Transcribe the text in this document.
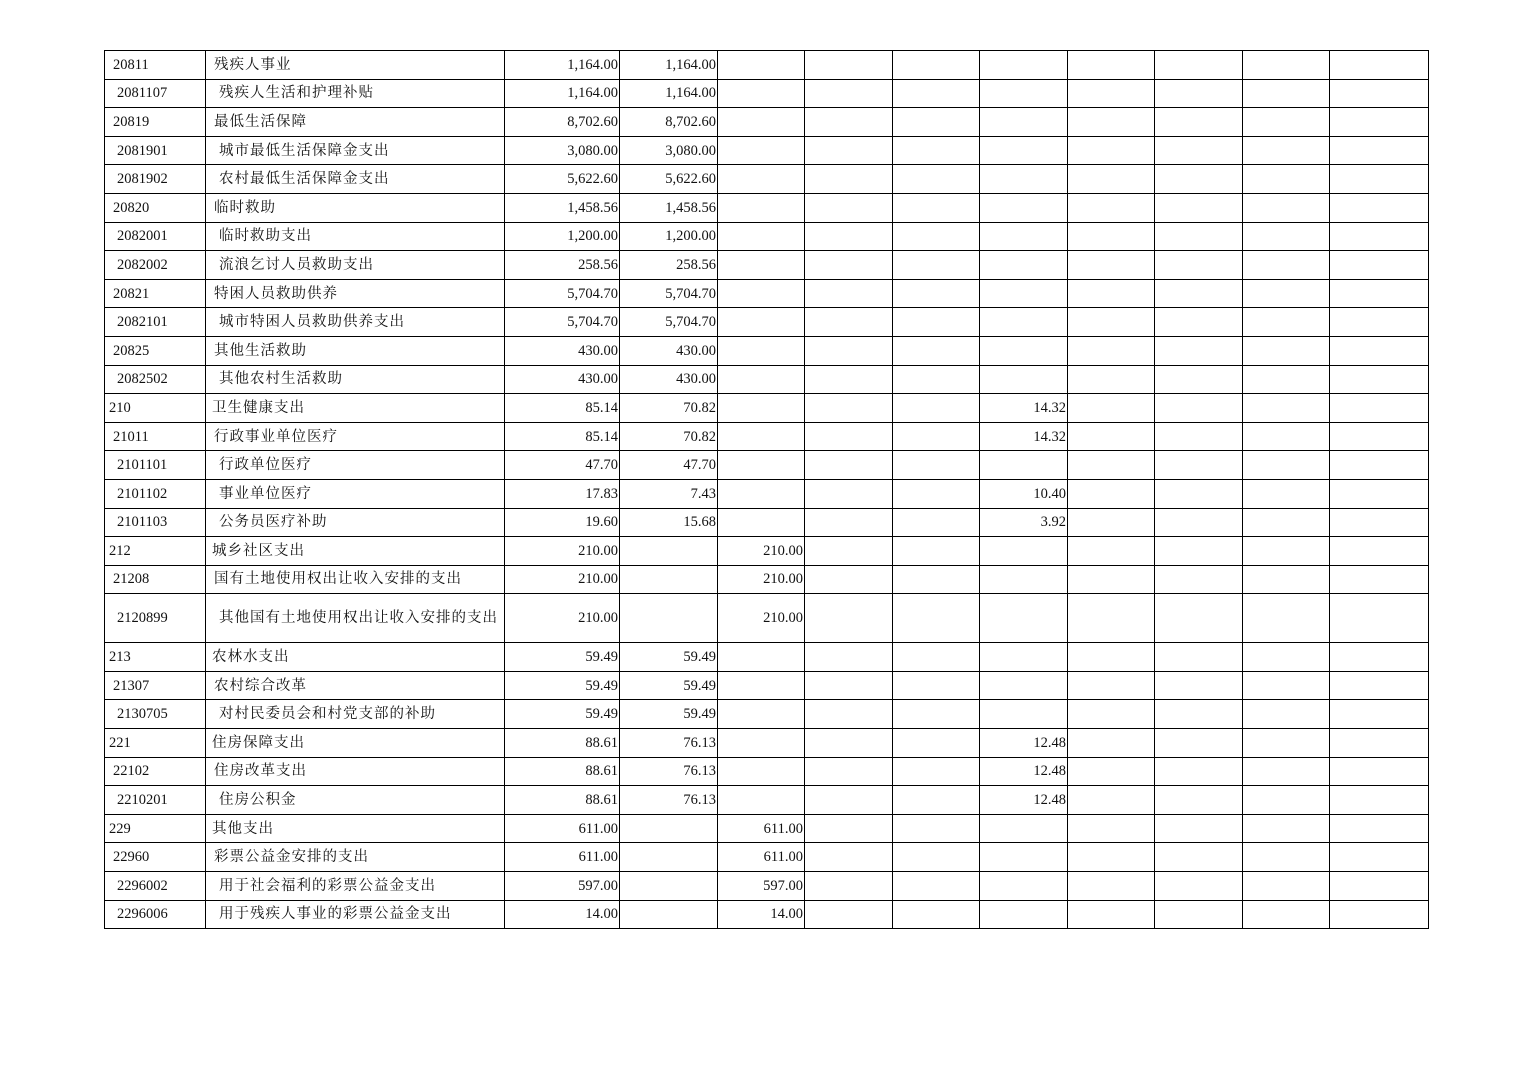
20811	残疾人事业	1,164.00	1,164.00								
2081107	残疾人生活和护理补贴	1,164.00	1,164.00								
20819	最低生活保障	8,702.60	8,702.60								
2081901	城市最低生活保障金支出	3,080.00	3,080.00								
2081902	农村最低生活保障金支出	5,622.60	5,622.60								
20820	临时救助	1,458.56	1,458.56								
2082001	临时救助支出	1,200.00	1,200.00								
2082002	流浪乞讨人员救助支出	258.56	258.56								
20821	特困人员救助供养	5,704.70	5,704.70								
2082101	城市特困人员救助供养支出	5,704.70	5,704.70								
20825	其他生活救助	430.00	430.00								
2082502	其他农村生活救助	430.00	430.00								
210	卫生健康支出	85.14	70.82				14.32				
21011	行政事业单位医疗	85.14	70.82				14.32				
2101101	行政单位医疗	47.70	47.70								
2101102	事业单位医疗	17.83	7.43				10.40				
2101103	公务员医疗补助	19.60	15.68				3.92				
212	城乡社区支出	210.00		210.00							
21208	国有土地使用权出让收入安排的支出	210.00		210.00							
2120899	其他国有土地使用权出让收入安排的支出	210.00		210.00							
213	农林水支出	59.49	59.49								
21307	农村综合改革	59.49	59.49								
2130705	对村民委员会和村党支部的补助	59.49	59.49								
221	住房保障支出	88.61	76.13				12.48				
22102	住房改革支出	88.61	76.13				12.48				
2210201	住房公积金	88.61	76.13				12.48				
229	其他支出	611.00		611.00							
22960	彩票公益金安排的支出	611.00		611.00							
2296002	用于社会福利的彩票公益金支出	597.00		597.00							
2296006	用于残疾人事业的彩票公益金支出	14.00		14.00							
